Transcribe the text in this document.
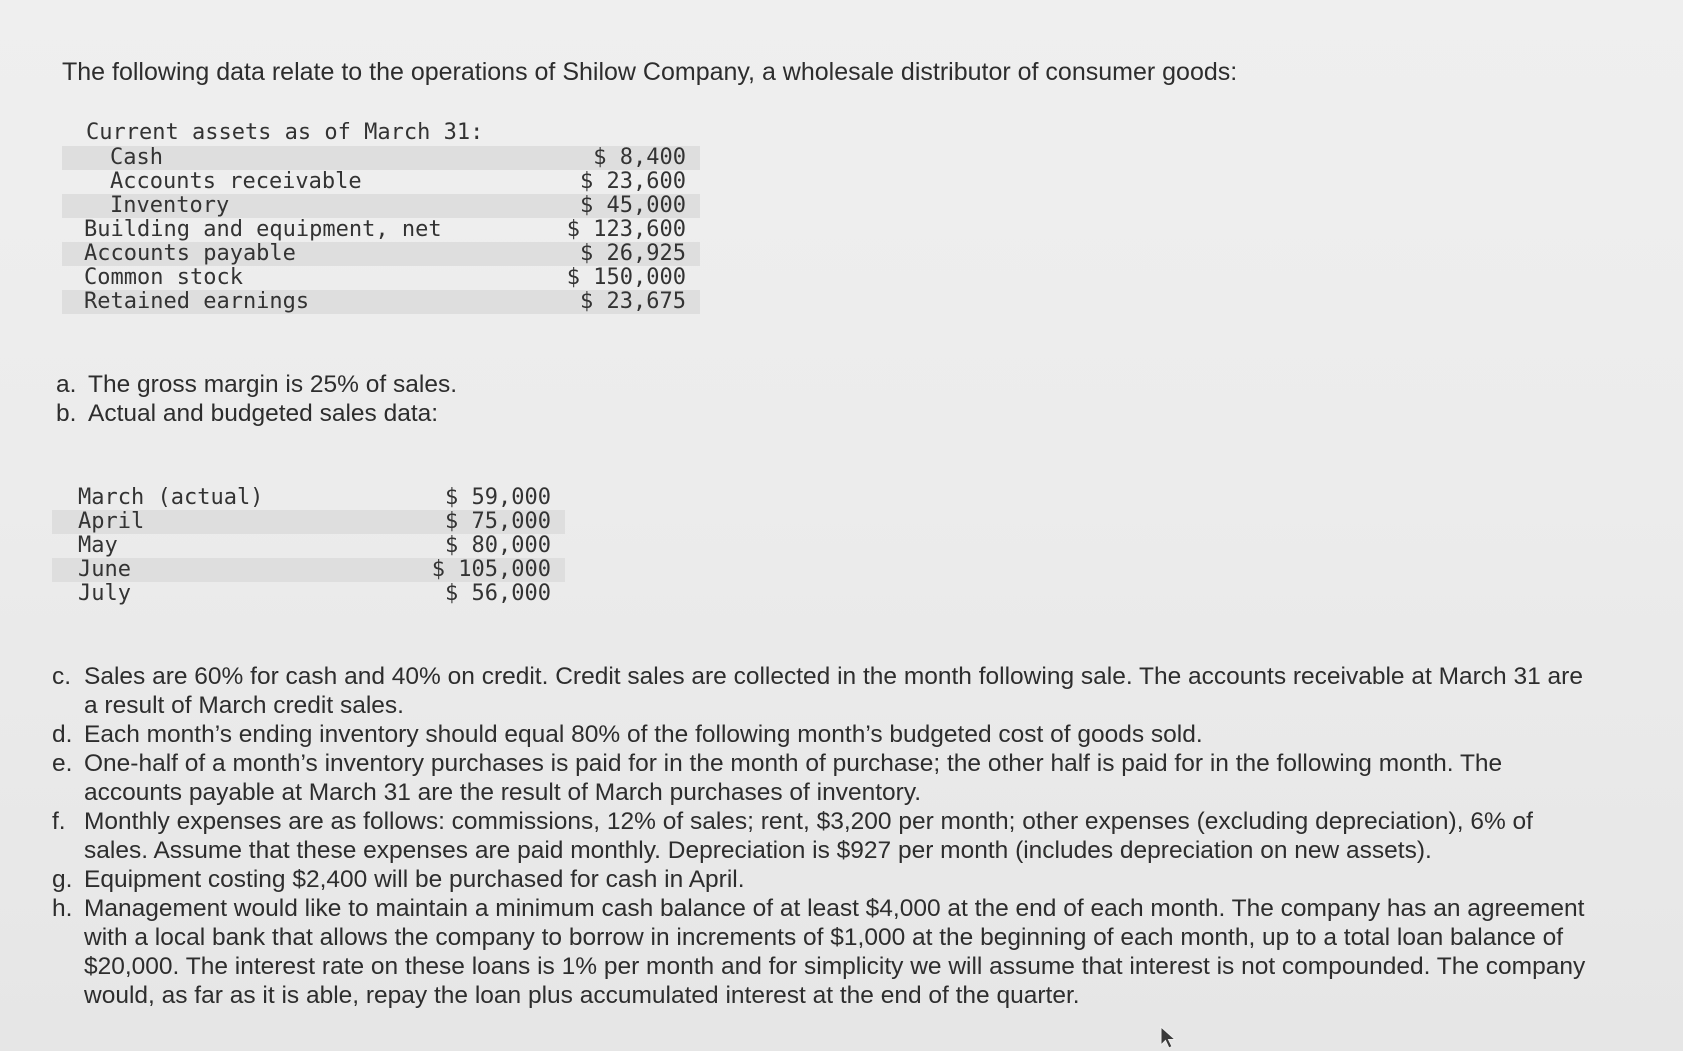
The following data relate to the operations of Shilow Company, a wholesale distributor of consumer goods:
Current assets as of March 31:
Cash	$ 8,400
Accounts receivable	$ 23,600
Inventory	$ 45,000
Building and equipment, net	$ 123,600
Accounts payable	$ 26,925
Common stock	$ 150,000
Retained earnings	$ 23,675
a. The gross margin is 25% of sales.
b. Actual and budgeted sales data:
March (actual)	$ 59,000
April	$ 75,000
May	$ 80,000
June	$ 105,000
July	$ 56,000
c. Sales are 60% for cash and 40% on credit. Credit sales are collected in the month following sale. The accounts receivable at March 31 are a result of March credit sales.
d. Each month’s ending inventory should equal 80% of the following month’s budgeted cost of goods sold.
e. One-half of a month’s inventory purchases is paid for in the month of purchase; the other half is paid for in the following month. The accounts payable at March 31 are the result of March purchases of inventory.
f. Monthly expenses are as follows: commissions, 12% of sales; rent, $3,200 per month; other expenses (excluding depreciation), 6% of sales. Assume that these expenses are paid monthly. Depreciation is $927 per month (includes depreciation on new assets).
g. Equipment costing $2,400 will be purchased for cash in April.
h. Management would like to maintain a minimum cash balance of at least $4,000 at the end of each month. The company has an agreement with a local bank that allows the company to borrow in increments of $1,000 at the beginning of each month, up to a total loan balance of $20,000. The interest rate on these loans is 1% per month and for simplicity we will assume that interest is not compounded. The company would, as far as it is able, repay the loan plus accumulated interest at the end of the quarter.
